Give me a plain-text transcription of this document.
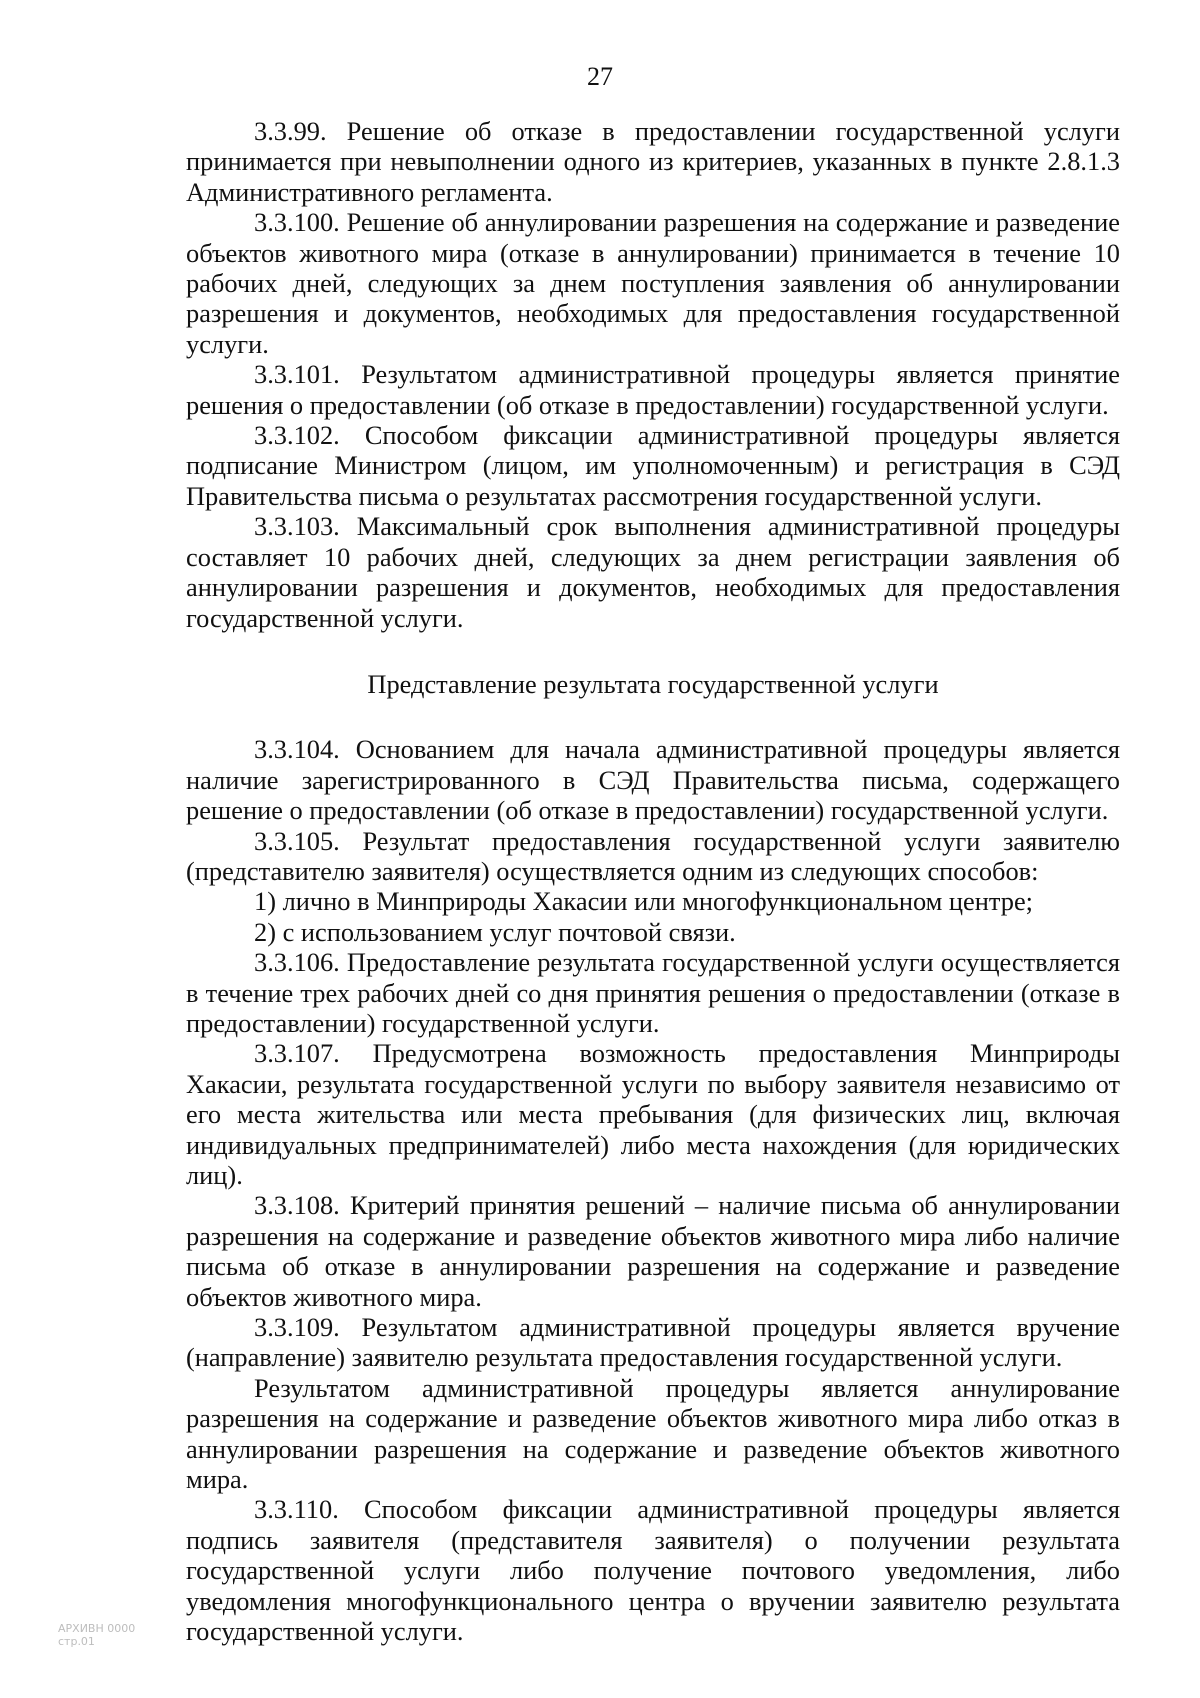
27

3.3.99. Решение об отказе в предоставлении государственной услуги принимается при невыполнении одного из критериев, указанных в пункте 2.8.1.3 Административного регламента.

3.3.100. Решение об аннулировании разрешения на содержание и разведение объектов животного мира (отказе в аннулировании) принимается в течение 10 рабочих дней, следующих за днем поступления заявления об аннулировании разрешения и документов, необходимых для предоставления государственной услуги.

3.3.101. Результатом административной процедуры является принятие решения о предоставлении (об отказе в предоставлении) государственной услуги.

3.3.102. Способом фиксации административной процедуры является подписание Министром (лицом, им уполномоченным) и регистрация в СЭД Правительства письма о результатах рассмотрения государственной услуги.

3.3.103. Максимальный срок выполнения административной процедуры составляет 10 рабочих дней, следующих за днем регистрации заявления об аннулировании разрешения и документов, необходимых для предоставления государственной услуги.

Представление результата государственной услуги

3.3.104. Основанием для начала административной процедуры является наличие зарегистрированного в СЭД Правительства письма, содержащего решение о предоставлении (об отказе в предоставлении) государственной услуги.

3.3.105. Результат предоставления государственной услуги заявителю (представителю заявителя) осуществляется одним из следующих способов:

1) лично в Минприроды Хакасии или многофункциональном центре;

2) с использованием услуг почтовой связи.

3.3.106. Предоставление результата государственной услуги осуществляется в течение трех рабочих дней со дня принятия решения о предоставлении (отказе в предоставлении) государственной услуги.

3.3.107. Предусмотрена возможность предоставления Минприроды Хакасии, результата государственной услуги по выбору заявителя независимо от его места жительства или места пребывания (для физических лиц, включая индивидуальных предпринимателей) либо места нахождения (для юридических лиц).

3.3.108. Критерий принятия решений – наличие письма об аннулировании разрешения на содержание и разведение объектов животного мира либо наличие письма об отказе в аннулировании разрешения на содержание и разведение объектов животного мира.

3.3.109. Результатом административной процедуры является вручение (направление) заявителю результата предоставления государственной услуги.

Результатом административной процедуры является аннулирование разрешения на содержание и разведение объектов животного мира либо отказ в аннулировании разрешения на содержание и разведение объектов животного мира.

3.3.110. Способом фиксации административной процедуры является подпись заявителя (представителя заявителя) о получении результата государственной услуги либо получение почтового уведомления, либо уведомления многофункционального центра о вручении заявителю результата государственной услуги.

АРХИВН 0000
стр.01
